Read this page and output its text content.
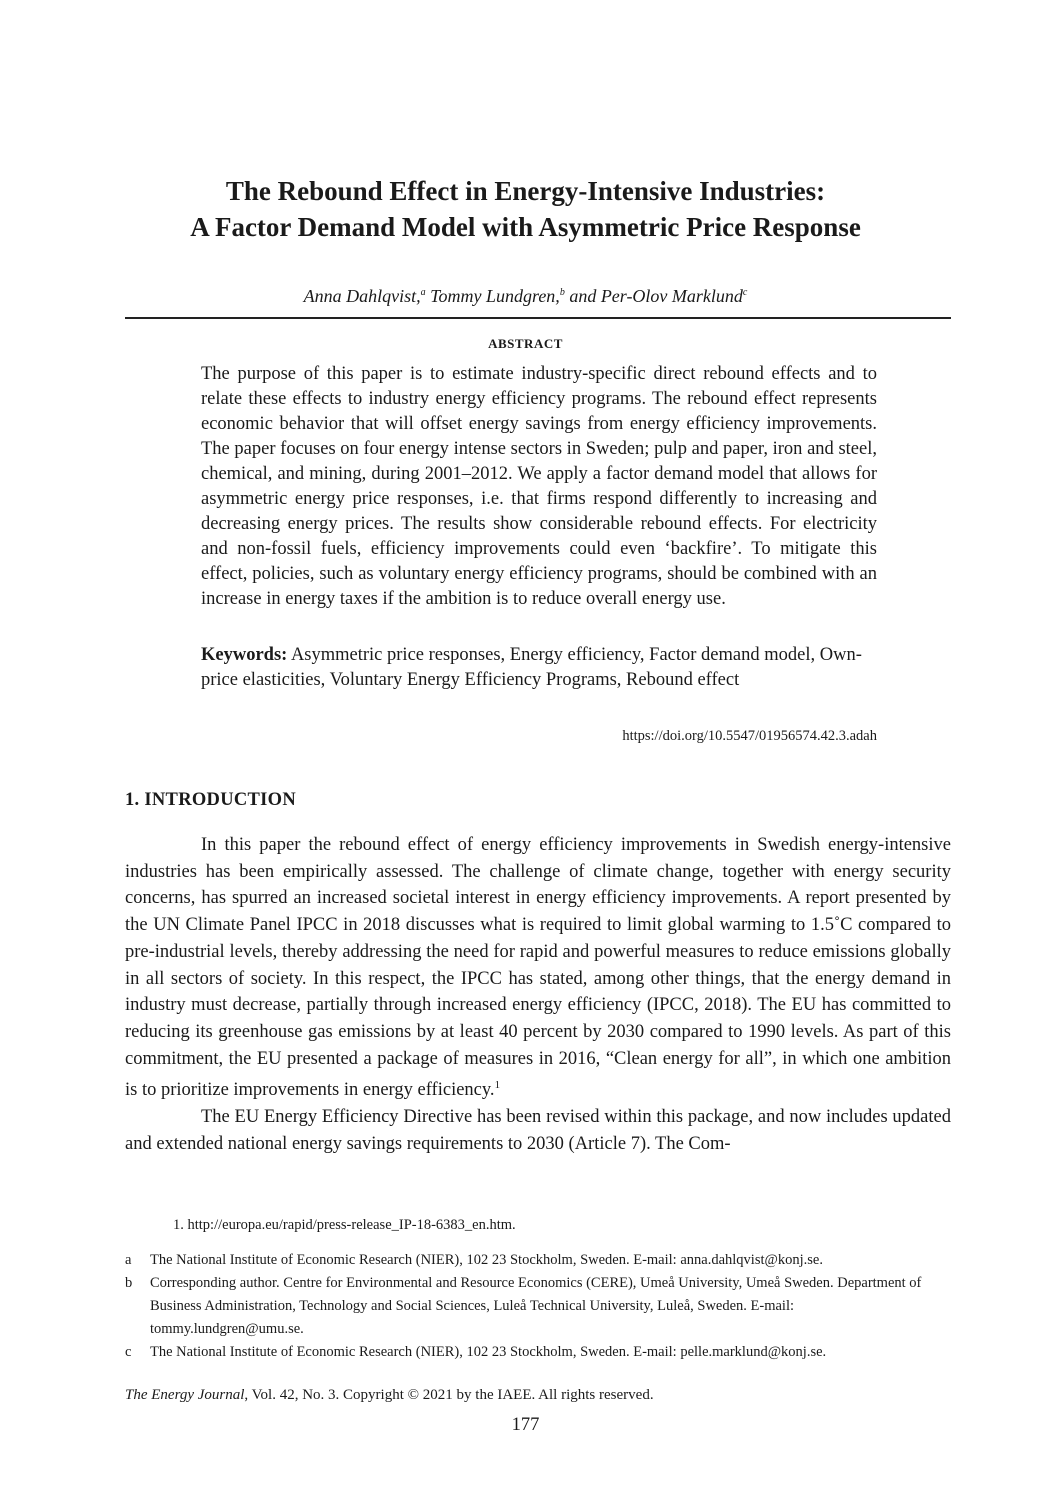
The Rebound Effect in Energy-Intensive Industries:
A Factor Demand Model with Asymmetric Price Response
Anna Dahlqvist,$^a$ Tommy Lundgren,$^b$ and Per-Olov Marklund$^c$
ABSTRACT
The purpose of this paper is to estimate industry-specific direct rebound effects and to relate these effects to industry energy efficiency programs. The rebound effect represents economic behavior that will offset energy savings from energy efficiency improvements. The paper focuses on four energy intense sectors in Sweden; pulp and paper, iron and steel, chemical, and mining, during 2001–2012. We apply a factor demand model that allows for asymmetric energy price responses, i.e. that firms respond differently to increasing and decreasing energy prices. The results show considerable rebound effects. For electricity and non-fossil fuels, efficiency improvements could even ‘backfire’. To mitigate this effect, policies, such as voluntary energy efficiency programs, should be combined with an increase in energy taxes if the ambition is to reduce overall energy use.
Keywords: Asymmetric price responses, Energy efficiency, Factor demand model, Own-price elasticities, Voluntary Energy Efficiency Programs, Rebound effect
https://doi.org/10.5547/01956574.42.3.adah
1. INTRODUCTION

In this paper the rebound effect of energy efficiency improvements in Swedish energy-intensive industries has been empirically assessed. The challenge of climate change, together with energy security concerns, has spurred an increased societal interest in energy efficiency improvements. A report presented by the UN Climate Panel IPCC in 2018 discusses what is required to limit global warming to 1.5˚C compared to pre-industrial levels, thereby addressing the need for rapid and powerful measures to reduce emissions globally in all sectors of society. In this respect, the IPCC has stated, among other things, that the energy demand in industry must decrease, partially through increased energy efficiency (IPCC, 2018). The EU has committed to reducing its greenhouse gas emissions by at least 40 percent by 2030 compared to 1990 levels. As part of this commitment, the EU presented a package of measures in 2016, “Clean energy for all”, in which one ambition is to prioritize improvements in energy efficiency.$^1$

The EU Energy Efficiency Directive has been revised within this package, and now includes updated and extended national energy savings requirements to 2030 (Article 7). The Com-

1. http://europa.eu/rapid/press-release_IP-18-6383_en.htm.
a	The National Institute of Economic Research (NIER), 102 23 Stockholm, Sweden. E-mail: anna.dahlqvist@konj.se.
b	Corresponding author. Centre for Environmental and Resource Economics (CERE), Umeå University, Umeå Sweden. Department of Business Administration, Technology and Social Sciences, Luleå Technical University, Luleå, Sweden. E-mail: tommy.lundgren@umu.se.
c	The National Institute of Economic Research (NIER), 102 23 Stockholm, Sweden. E-mail: pelle.marklund@konj.se.
The Energy Journal, Vol. 42, No. 3. Copyright © 2021 by the IAEE. All rights reserved.
177
